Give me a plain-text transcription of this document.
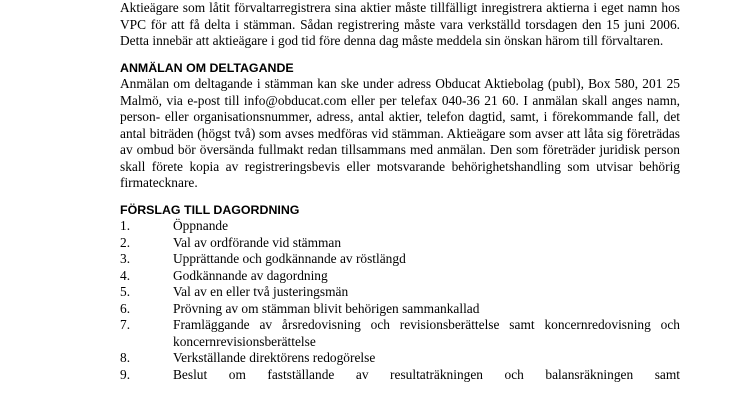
Aktieägare som låtit förvaltarregistrera sina aktier måste tillfälligt inregistrera aktierna i eget namn hos VPC för att få delta i stämman. Sådan registrering måste vara verkställd torsdagen den 15 juni 2006. Detta innebär att aktieägare i god tid före denna dag måste meddela sin önskan härom till förvaltaren.

ANMÄLAN OM DELTAGANDE

Anmälan om deltagande i stämman kan ske under adress Obducat Aktiebolag (publ), Box 580, 201 25 Malmö, via e-post till info@obducat.com eller per telefax 040-36 21 60. I anmälan skall anges namn, person- eller organisationsnummer, adress, antal aktier, telefon dagtid, samt, i förekommande fall, det antal biträden (högst två) som avses medföras vid stämman. Aktieägare som avser att låta sig företrädas av ombud bör översända fullmakt redan tillsammans med anmälan. Den som företräder juridisk person skall förete kopia av registreringsbevis eller motsvarande behörighetshandling som utvisar behörig firmatecknare.

FÖRSLAG TILL DAGORDNING

1.	Öppnande
2.	Val av ordförande vid stämman
3.	Upprättande och godkännande av röstlängd
4.	Godkännande av dagordning
5.	Val av en eller två justeringsmän
6.	Prövning av om stämman blivit behörigen sammankallad
7.	Framläggande av årsredovisning och revisionsberättelse samt koncernredovisning och koncernrevisionsberättelse
8.	Verkställande direktörens redogörelse
9.	Beslut om fastställande av resultaträkningen och balansräkningen samt
